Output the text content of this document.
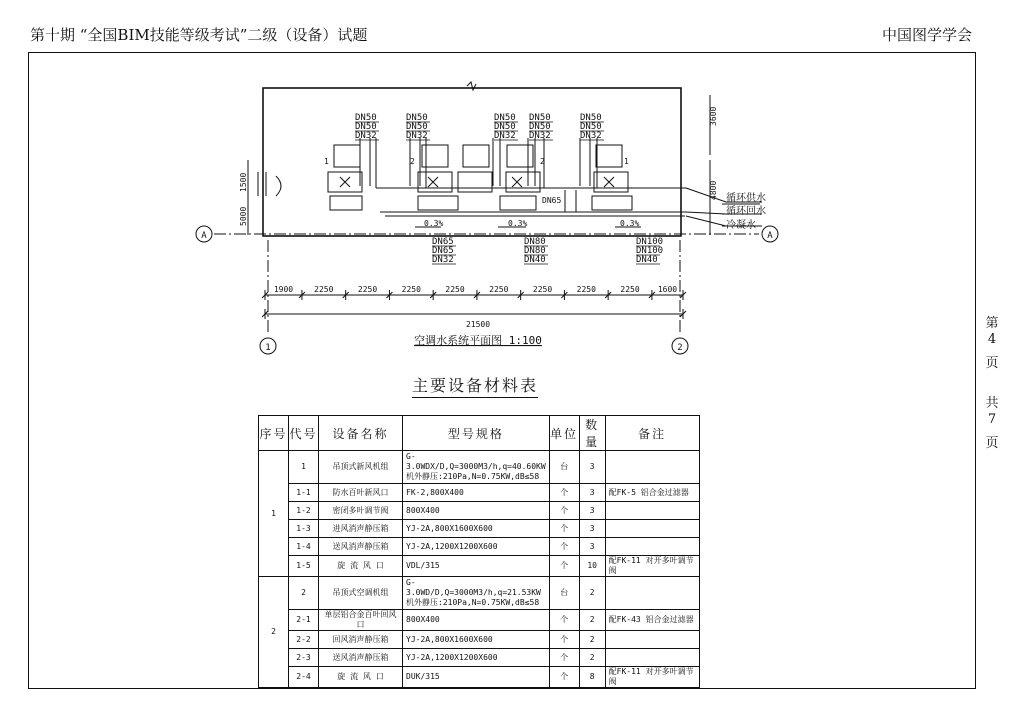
第十期 “全国BIM技能等级考试”二级（设备）试题	中国图学学会
第
4
页
共
7
页
A	A
1	2
循环供水
循环回水
冷凝水
1	2	2	1
DN65
0.3%	0.3%	0.3%
21500
1500
5000
3600
4800
DN50
DN50
DN32
DN50
DN50
DN32
DN50
DN50
DN32
DN50
DN50
DN32
DN50
DN50
DN32
DN65
DN65
DN32
DN80
DN80
DN40
DN100
DN100
DN40
1900	2250	2250	2250	2250	2250	2250	2250	2250 1600
空调水系统平面图 1:100
主要设备材料表
序号	代号	设备名称	型号规格	单位	数量	备注
1	1	吊顶式新风机组	G-3.0WDX/D,Q=3000M3/h,q=40.60KW
机外静压:210Pa,N=0.75KW,dB≤58	台	3	
	1-1	防水百叶新风口	FK-2,800X400	个	3	配FK-5 铝合金过滤器
	1-2	密闭多叶调节阀	800X400	个	3	
	1-3	进风消声静压箱	YJ-2A,800X1600X600	个	3	
	1-4	送风消声静压箱	YJ-2A,1200X1200X600	个	3	
	1-5	旋 流 风 口	VDL/315	个	10	配FK-11 对开多叶调节阀
2	2	吊顶式空调机组	G-3.0WD/D,Q=3000M3/h,q=21.53KW
机外静压:210Pa,N=0.75KW,dB≤58	台	2	
	2-1	单层铝合金百叶回风口	800X400	个	2	配FK-43 铝合金过滤器
	2-2	回风消声静压箱	YJ-2A,800X1600X600	个	2	
	2-3	送风消声静压箱	YJ-2A,1200X1200X600	个	2	
	2-4	旋 流 风 口	DUK/315	个	8	配FK-11 对开多叶调节阀
